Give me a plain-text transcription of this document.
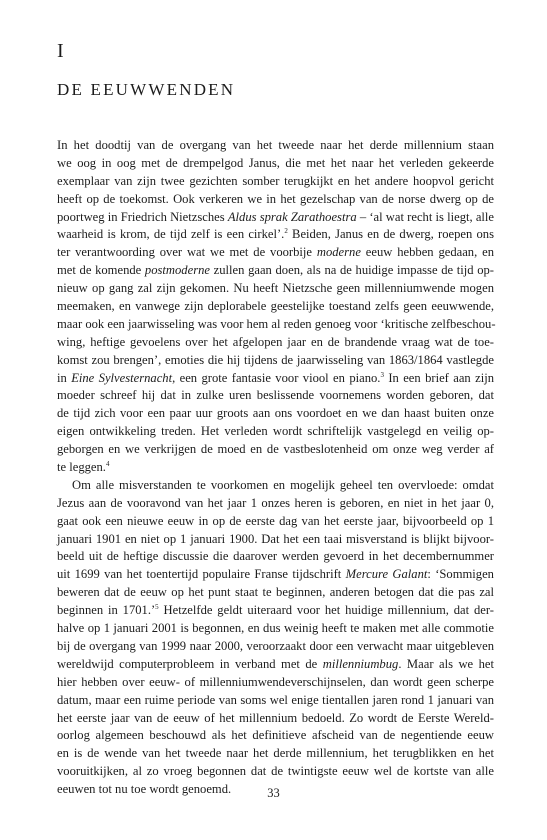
I
DE EEUWWENDEN
In het doodtij van de overgang van het tweede naar het derde millennium staan
we oog in oog met de drempelgod Janus, die met het naar het verleden gekeerde
exemplaar van zijn twee gezichten somber terugkijkt en het andere hoopvol gericht
heeft op de toekomst. Ook verkeren we in het gezelschap van de norse dwerg op de
poortweg in Friedrich Nietzsches Aldus sprak Zarathoestra – ‘al wat recht is liegt, alle
waarheid is krom, de tijd zelf is een cirkel’.$^2$ Beiden, Janus en de dwerg, roepen ons
ter verantwoording over wat we met de voorbije moderne eeuw hebben gedaan, en
met de komende postmoderne zullen gaan doen, als na de huidige impasse de tijd op-
nieuw op gang zal zijn gekomen. Nu heeft Nietzsche geen millenniumwende mogen
meemaken, en vanwege zijn deplorabele geestelijke toestand zelfs geen eeuwwende,
maar ook een jaarwisseling was voor hem al reden genoeg voor ‘kritische zelfbeschou-
wing, heftige gevoelens over het afgelopen jaar en de brandende vraag wat de toe-
komst zou brengen’, emoties die hij tijdens de jaarwisseling van 1863/1864 vastlegde
in Eine Sylvesternacht, een grote fantasie voor viool en piano.$^3$ In een brief aan zijn
moeder schreef hij dat in zulke uren beslissende voornemens worden geboren, dat
de tijd zich voor een paar uur groots aan ons voordoet en we dan haast buiten onze
eigen ontwikkeling treden. Het verleden wordt schriftelijk vastgelegd en veilig op-
geborgen en we verkrijgen de moed en de vastbeslotenheid om onze weg verder af
te leggen.$^4$
Om alle misverstanden te voorkomen en mogelijk geheel ten overvloede: omdat
Jezus aan de vooravond van het jaar 1 onzes heren is geboren, en niet in het jaar 0,
gaat ook een nieuwe eeuw in op de eerste dag van het eerste jaar, bijvoorbeeld op 1
januari 1901 en niet op 1 januari 1900. Dat het een taai misverstand is blijkt bijvoor-
beeld uit de heftige discussie die daarover werden gevoerd in het decembernummer
uit 1699 van het toentertijd populaire Franse tijdschrift Mercure Galant: ‘Sommigen
beweren dat de eeuw op het punt staat te beginnen, anderen betogen dat die pas zal
beginnen in 1701.’$^5$ Hetzelfde geldt uiteraard voor het huidige millennium, dat der-
halve op 1 januari 2001 is begonnen, en dus weinig heeft te maken met alle commotie
bij de overgang van 1999 naar 2000, veroorzaakt door een verwacht maar uitgebleven
wereldwijd computerprobleem in verband met de millenniumbug. Maar als we het
hier hebben over eeuw- of millenniumwendeverschijnselen, dan wordt geen scherpe
datum, maar een ruime periode van soms wel enige tientallen jaren rond 1 januari van
het eerste jaar van de eeuw of het millennium bedoeld. Zo wordt de Eerste Wereld-
oorlog algemeen beschouwd als het definitieve afscheid van de negentiende eeuw
en is de wende van het tweede naar het derde millennium, het terugblikken en het
vooruitkijken, al zo vroeg begonnen dat de twintigste eeuw wel de kortste van alle
eeuwen tot nu toe wordt genoemd.	33
